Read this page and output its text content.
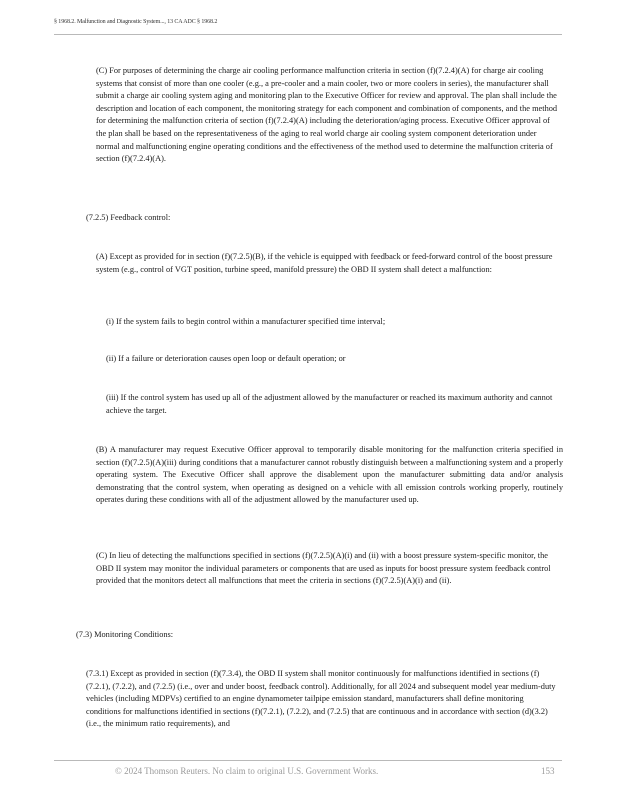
§ 1968.2. Malfunction and Diagnostic System..., 13 CA ADC § 1968.2

(C) For purposes of determining the charge air cooling performance malfunction criteria in section (f)(7.2.4)(A) for charge air cooling systems that consist of more than one cooler (e.g., a pre-cooler and a main cooler, two or more coolers in series), the manufacturer shall submit a charge air cooling system aging and monitoring plan to the Executive Officer for review and approval. The plan shall include the description and location of each component, the monitoring strategy for each component and combination of components, and the method for determining the malfunction criteria of section (f)(7.2.4)(A) including the deterioration/aging process. Executive Officer approval of the plan shall be based on the representativeness of the aging to real world charge air cooling system component deterioration under normal and malfunctioning engine operating conditions and the effectiveness of the method used to determine the malfunction criteria of section (f)(7.2.4)(A).

(7.2.5) Feedback control:

(A) Except as provided for in section (f)(7.2.5)(B), if the vehicle is equipped with feedback or feed-forward control of the boost pressure system (e.g., control of VGT position, turbine speed, manifold pressure) the OBD II system shall detect a malfunction:

(i) If the system fails to begin control within a manufacturer specified time interval;

(ii) If a failure or deterioration causes open loop or default operation; or

(iii) If the control system has used up all of the adjustment allowed by the manufacturer or reached its maximum authority and cannot achieve the target.

(B) A manufacturer may request Executive Officer approval to temporarily disable monitoring for the malfunction criteria specified in section (f)(7.2.5)(A)(iii) during conditions that a manufacturer cannot robustly distinguish between a malfunctioning system and a properly operating system. The Executive Officer shall approve the disablement upon the manufacturer submitting data and/or analysis demonstrating that the control system, when operating as designed on a vehicle with all emission controls working properly, routinely operates during these conditions with all of the adjustment allowed by the manufacturer used up.

(C) In lieu of detecting the malfunctions specified in sections (f)(7.2.5)(A)(i) and (ii) with a boost pressure system-specific monitor, the OBD II system may monitor the individual parameters or components that are used as inputs for boost pressure system feedback control provided that the monitors detect all malfunctions that meet the criteria in sections (f)(7.2.5)(A)(i) and (ii).

(7.3) Monitoring Conditions:

(7.3.1) Except as provided in section (f)(7.3.4), the OBD II system shall monitor continuously for malfunctions identified in sections (f)(7.2.1), (7.2.2), and (7.2.5) (i.e., over and under boost, feedback control). Additionally, for all 2024 and subsequent model year medium-duty vehicles (including MDPVs) certified to an engine dynamometer tailpipe emission standard, manufacturers shall define monitoring conditions for malfunctions identified in sections (f)(7.2.1), (7.2.2), and (7.2.5) that are continuous and in accordance with section (d)(3.2) (i.e., the minimum ratio requirements), and

© 2024 Thomson Reuters. No claim to original U.S. Government Works.	153
